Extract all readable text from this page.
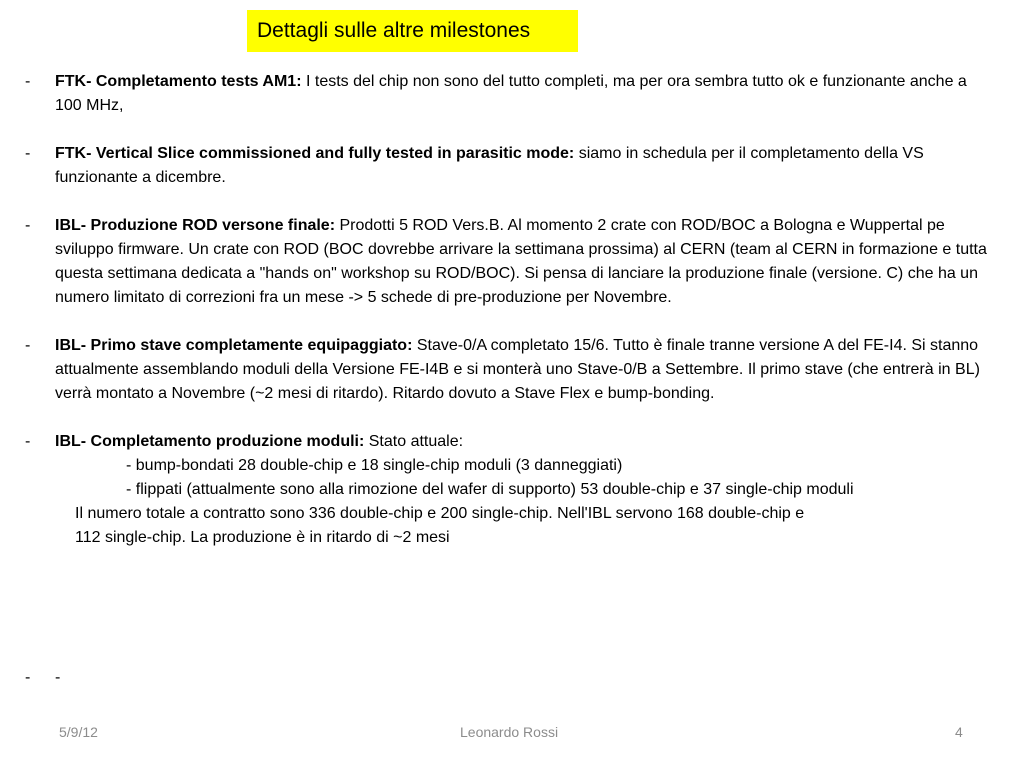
Dettagli sulle altre milestones
- FTK- Completamento tests AM1: I tests del chip non sono del tutto completi, ma per ora sembra tutto ok e funzionante anche a 100 MHz,
- FTK- Vertical Slice commissioned and fully tested in parasitic mode: siamo in schedula per il completamento della VS funzionante a dicembre.
- IBL- Produzione ROD versone finale: Prodotti 5 ROD Vers.B. Al momento 2 crate con ROD/BOC a Bologna e Wuppertal pe sviluppo firmware. Un crate con ROD (BOC dovrebbe arrivare la settimana prossima) al CERN (team al CERN in formazione e tutta questa settimana dedicata a "hands on" workshop su ROD/BOC). Si pensa di lanciare la produzione finale (versione. C) che ha un numero limitato di correzioni fra un mese -> 5 schede di pre-produzione per Novembre.
- IBL- Primo stave completamente equipaggiato: Stave-0/A completato 15/6. Tutto è finale tranne versione A del FE-I4. Si stanno attualmente assemblando moduli della Versione FE-I4B e si monterà uno Stave-0/B a Settembre. Il primo stave (che entrerà in BL) verrà montato a Novembre (~2 mesi di ritardo). Ritardo dovuto a Stave Flex e bump-bonding.
- IBL- Completamento produzione moduli: Stato attuale:
- bump-bondati 28 double-chip e 18 single-chip moduli (3 danneggiati)
- flippati (attualmente sono alla rimozione del wafer di supporto) 53 double-chip e 37 single-chip moduli
Il numero totale a contratto sono 336 double-chip e 200 single-chip. Nell'IBL servono 168 double-chip e
112 single-chip. La produzione è in ritardo di ~2 mesi
- -
5/9/12	Leonardo Rossi	4
